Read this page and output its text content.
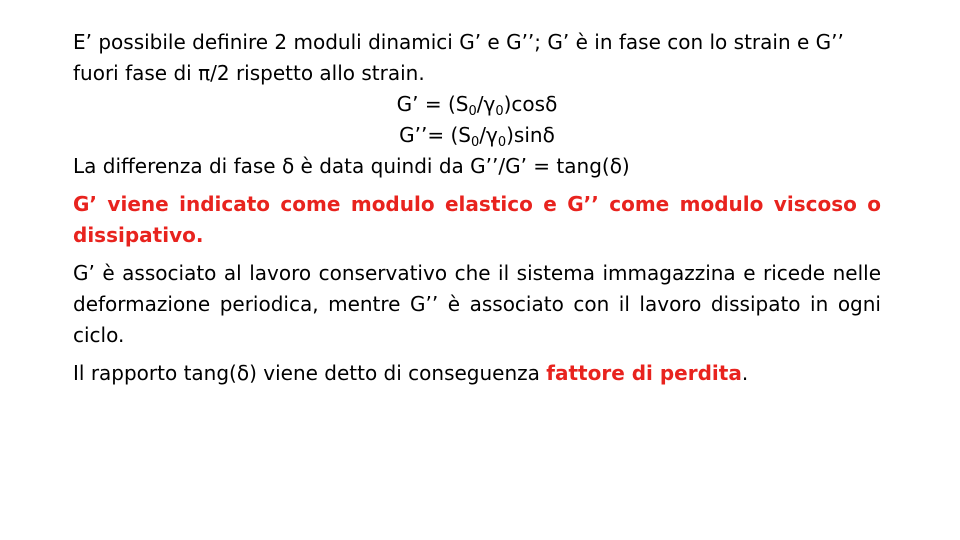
E’ possibile definire 2 moduli dinamici G’ e G’’; G’ è in fase con lo strain e G’’ fuori fase di π/2 rispetto allo strain.

G’ = $(S_0/\gamma_0)\cos\delta$

G’’= $(S_0/\gamma_0)\sin\delta$

La differenza di fase δ è data quindi da G’’/G’ = tang(δ)

G’ viene indicato come modulo elastico e G’’ come modulo viscoso o dissipativo.

G’ è associato al lavoro conservativo che il sistema immagazzina e ricede nelle deformazione periodica, mentre G’’ è associato con il lavoro dissipato in ogni ciclo.

Il rapporto tang(δ) viene detto di conseguenza fattore di perdita.
